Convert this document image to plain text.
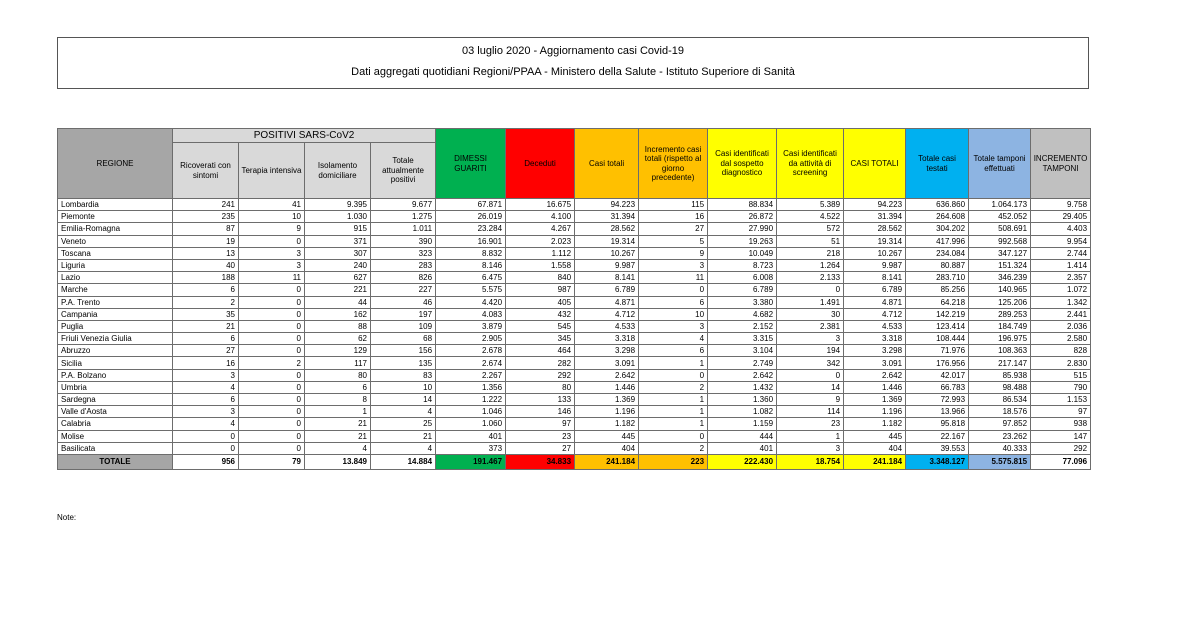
03 luglio 2020 - Aggiornamento casi Covid-19
Dati aggregati quotidiani Regioni/PPAA - Ministero della Salute - Istituto Superiore di Sanità
REGIONE	POSITIVI SARS-CoV2				DIMESSI GUARITI	Deceduti	Casi totali	Incremento casi totali (rispetto al giorno precedente)	Casi identificati dal sospetto diagnostico	Casi identificati da attività di screening	CASI TOTALI	Totale casi testati	Totale tamponi effettuati	INCREMENTO TAMPONI
	Ricoverati con sintomi	Terapia intensiva	Isolamento domiciliare	Totale attualmente positivi										
Lombardia	241	41	9.395	9.677	67.871	16.675	94.223	115	88.834	5.389	94.223	636.860	1.064.173	9.758
Piemonte	235	10	1.030	1.275	26.019	4.100	31.394	16	26.872	4.522	31.394	264.608	452.052	29.405
Emilia-Romagna	87	9	915	1.011	23.284	4.267	28.562	27	27.990	572	28.562	304.202	508.691	4.403
Veneto	19	0	371	390	16.901	2.023	19.314	5	19.263	51	19.314	417.996	992.568	9.954
Toscana	13	3	307	323	8.832	1.112	10.267	9	10.049	218	10.267	234.084	347.127	2.744
Liguria	40	3	240	283	8.146	1.558	9.987	3	8.723	1.264	9.987	80.887	151.324	1.414
Lazio	188	11	627	826	6.475	840	8.141	11	6.008	2.133	8.141	283.710	346.239	2.357
Marche	6	0	221	227	5.575	987	6.789	0	6.789	0	6.789	85.256	140.965	1.072
P.A. Trento	2	0	44	46	4.420	405	4.871	6	3.380	1.491	4.871	64.218	125.206	1.342
Campania	35	0	162	197	4.083	432	4.712	10	4.682	30	4.712	142.219	289.253	2.441
Puglia	21	0	88	109	3.879	545	4.533	3	2.152	2.381	4.533	123.414	184.749	2.036
Friuli Venezia Giulia	6	0	62	68	2.905	345	3.318	4	3.315	3	3.318	108.444	196.975	2.580
Abruzzo	27	0	129	156	2.678	464	3.298	6	3.104	194	3.298	71.976	108.363	828
Sicilia	16	2	117	135	2.674	282	3.091	1	2.749	342	3.091	176.956	217.147	2.830
P.A. Bolzano	3	0	80	83	2.267	292	2.642	0	2.642	0	2.642	42.017	85.938	515
Umbria	4	0	6	10	1.356	80	1.446	2	1.432	14	1.446	66.783	98.488	790
Sardegna	6	0	8	14	1.222	133	1.369	1	1.360	9	1.369	72.993	86.534	1.153
Valle d'Aosta	3	0	1	4	1.046	146	1.196	1	1.082	114	1.196	13.966	18.576	97
Calabria	4	0	21	25	1.060	97	1.182	1	1.159	23	1.182	95.818	97.852	938
Molise	0	0	21	21	401	23	445	0	444	1	445	22.167	23.262	147
Basilicata	0	0	4	4	373	27	404	2	401	3	404	39.553	40.333	292
TOTALE	956	79	13.849	14.884	191.467	34.833	241.184	223	222.430	18.754	241.184	3.348.127	5.575.815	77.096
Note:
